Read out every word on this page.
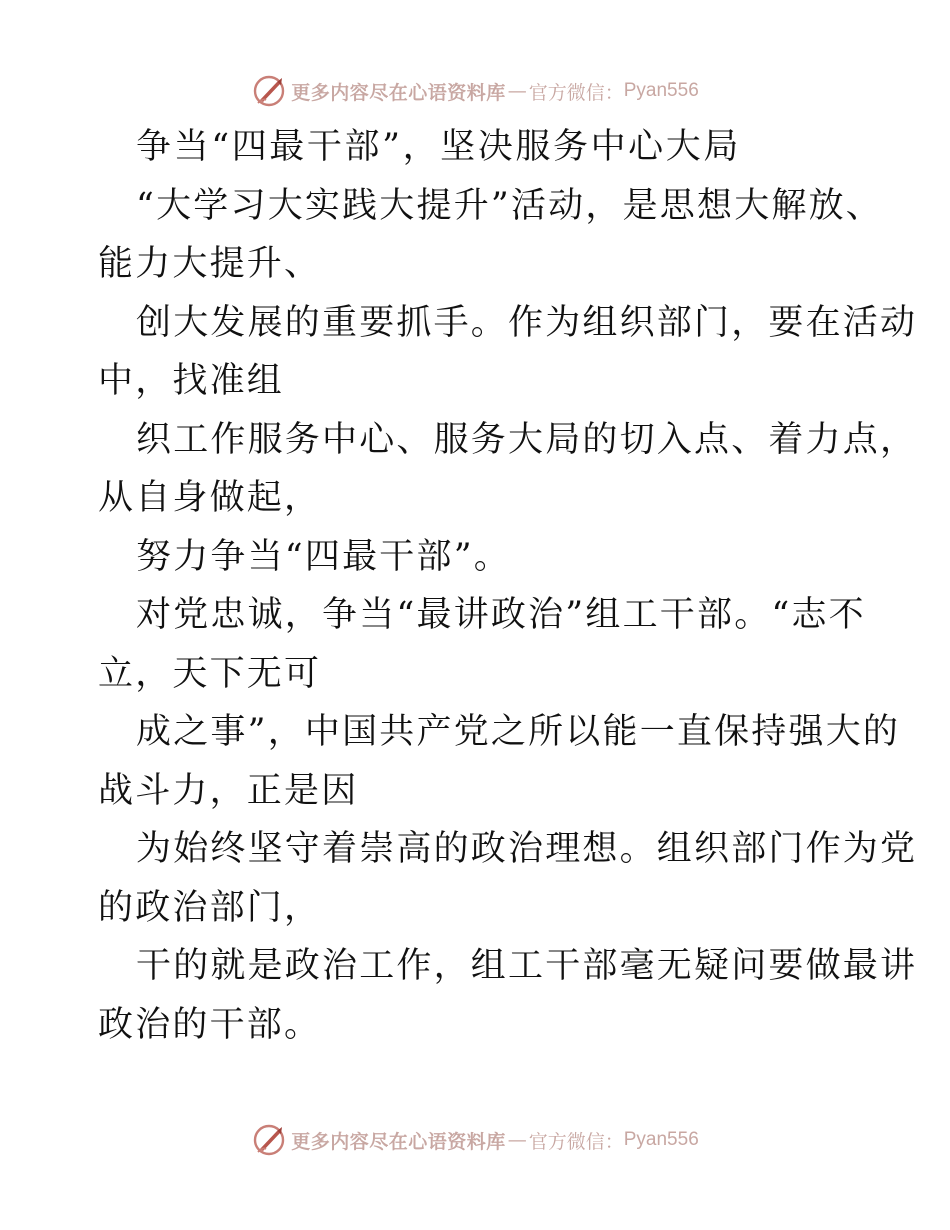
更多内容尽在心语资料库 — 官方微信： Pyan556
争当“四最干部”，坚决服务中心大局
“大学习大实践大提升”活动，是思想大解放、
能力大提升、
创大发展的重要抓手。作为组织部门，要在活动
中，找准组
织工作服务中心、服务大局的切入点、着力点，
从自身做起，
努力争当“四最干部”。
对党忠诚，争当“最讲政治”组工干部。“志不
立，天下无可
成之事”，中国共产党之所以能一直保持强大的
战斗力，正是因
为始终坚守着崇高的政治理想。组织部门作为党
的政治部门，
干的就是政治工作，组工干部毫无疑问要做最讲
政治的干部。
更多内容尽在心语资料库 — 官方微信： Pyan556
